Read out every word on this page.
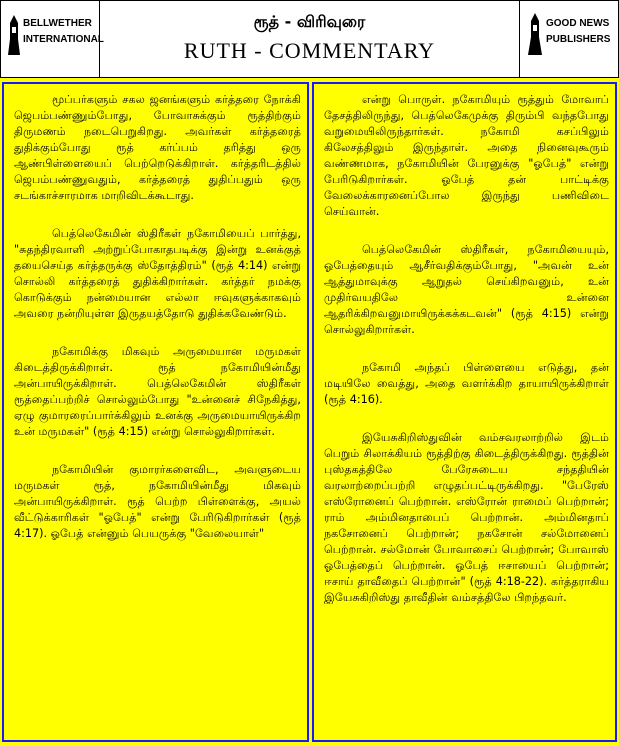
BELLWETHER
INTERNATIONAL
ரூத் - விரிவுரை
RUTH - COMMENTARY
GOOD NEWS
PUBLISHERS

மூப்பர்களும் சகல ஜனங்களும் கர்த்தரை நோக்கி ஜெபம்பண்ணும்போது, போவாசுக்கும் ரூத்திற்கும் திருமணம் நடைபெறுகிறது. அவர்கள் கர்த்தரைத் துதிக்கும்போது ரூத் கர்ப்பம் தரித்து ஒரு ஆண்பிள்ளையைப் பெற்றெடுக்கிறாள். கர்த்தரிடத்தில் ஜெபம்பண்ணுவதும், கர்த்தரைத் துதிப்பதும் ஒரு சடங்காச்சாரமாக மாறிவிடக்கூடாது.

பெத்லெகேமின் ஸ்திரீகள் நகோமியைப் பார்த்து, "சுதந்திரவாளி அற்றுப்போகாதபடிக்கு இன்று உனக்குத் தயைசெய்த கர்த்தருக்கு ஸ்தோத்திரம்" (ரூத் 4:14) என்று சொல்லி கர்த்தரைத் துதிக்கிறார்கள். கர்த்தர் நமக்கு கொடுக்கும் நன்மையான எல்லா ஈவுகளுக்காகவும் அவரை நன்றியுள்ள இருதயத்தோடு துதிக்கவேண்டும்.

நகோமிக்கு மிகவும் அருமையான மருமகள் கிடைத்திருக்கிறாள். ரூத் நகோமியின்மீது அன்பாயிருக்கிறாள். பெத்லெகேமின் ஸ்திரீகள் ரூத்தைப்பற்றிச் சொல்லும்போது "உன்னைச் சிநேகித்து, ஏழு குமாரரைப்பார்க்கிலும் உனக்கு அருமையாயிருக்கிற உன் மருமகள்" (ரூத் 4:15) என்று சொல்லுகிறார்கள்.

நகோமியின் குமாரர்களைவிட, அவளுடைய மருமகள் ரூத், நகோமியின்மீது மிகவும் அன்பாயிருக்கிறாள். ரூத் பெற்ற பிள்ளைக்கு, அயல் வீட்டுக்காரிகள் "ஓபேத்" என்று பேரிடுகிறார்கள் (ரூத் 4:17). ஓபேத் என்னும் பெயருக்கு "வேலையாள்"

என்று பொருள். நகோமியும் ரூத்தும் மோவாப் தேசத்திலிருந்து, பெத்லெகேமுக்கு திரும்பி வந்தபோது வறுமையிலிருந்தார்கள். நகோமி கசப்பிலும் கிலேசத்திலும் இருந்தாள். அதை நினைவுகூரும் வண்ணமாக, நகோமியின் பேரனுக்கு "ஓபேத்" என்று பேரிடுகிறார்கள். ஓபேத் தன் பாட்டிக்கு வேலைக்காரனைப்போல இருந்து பணிவிடை செய்வான்.

பெத்லெகேமின் ஸ்திரீகள், நகோமியையும், ஓபேத்தையும் ஆசீர்வதிக்கும்போது, "அவன் உன் ஆத்துமாவுக்கு ஆறுதல் செய்கிறவனும், உன் முதிர்வயதிலே உன்னை ஆதரிக்கிறவனுமாயிருக்கக்கடவன்" (ரூத் 4:15) என்று சொல்லுகிறார்கள்.

நகோமி அந்தப் பிள்ளையை எடுத்து, தன் மடியிலே வைத்து, அதை வளர்க்கிற தாயாயிருக்கிறாள் (ரூத் 4:16).

இயேசுகிறிஸ்துவின் வம்சவரலாற்றில் இடம் பெறும் சிலாக்கியம் ரூத்திற்கு கிடைத்திருக்கிறது. ரூத்தின் புஸ்தகத்திலே பேரேசுடைய சந்ததியின் வரலாற்றைப்பற்றி எழுதப்பட்டிருக்கிறது. "பேரேஸ் எஸ்ரோனைப் பெற்றான். எஸ்ரோன் ராமைப் பெற்றான்; ராம் அம்மினதாபைப் பெற்றான். அம்மினதாப் நகசோனைப் பெற்றான்; நகசோன் சல்மோனைப் பெற்றான். சல்மோன் போவாசைப் பெற்றான்; போவாஸ் ஓபேத்தைப் பெற்றான். ஓபேத் ஈசாயைப் பெற்றான்; ஈசாய் தாவீதைப் பெற்றான்" (ரூத் 4:18-22). கர்த்தராகிய இயேசுகிறிஸ்து தாவீதின் வம்சத்திலே பிறந்தவர்.
